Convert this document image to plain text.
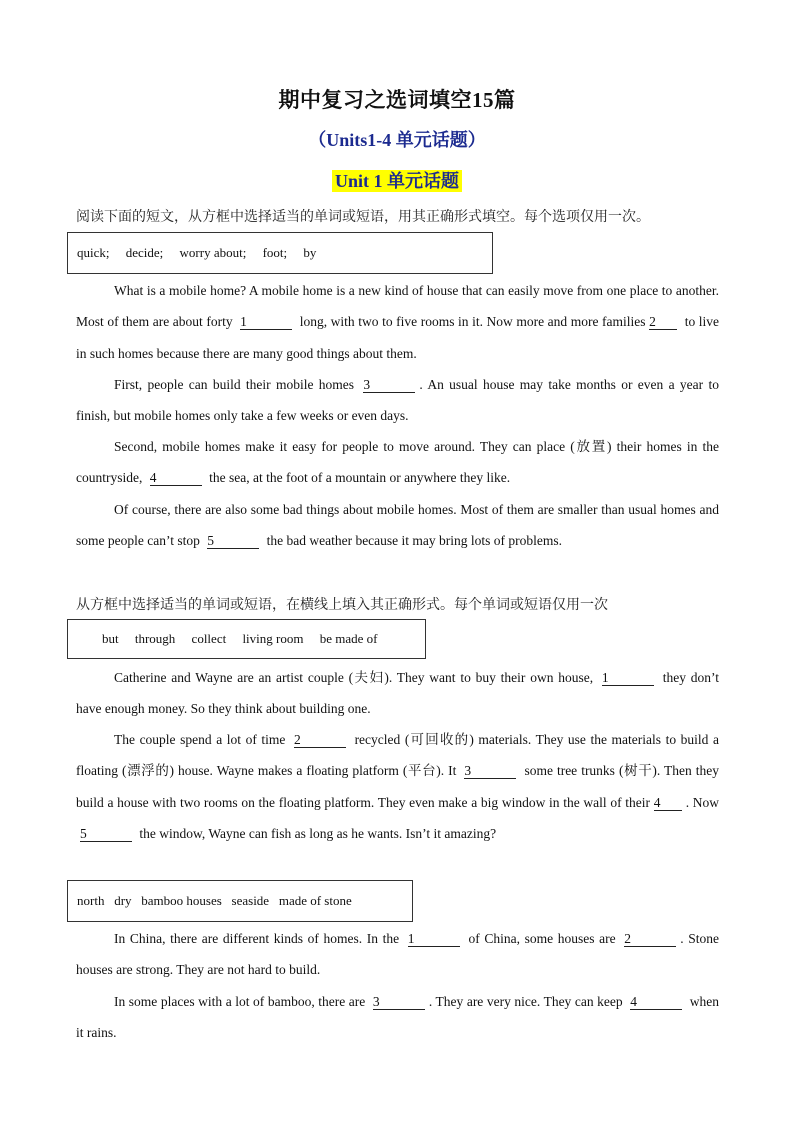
期中复习之选词填空15篇
（Units1-4 单元话题）
Unit 1 单元话题
阅读下面的短文，从方框中选择适当的单词或短语，用其正确形式填空。每个选项仅用一次。
quick;     decide;     worry about;     foot;     by
What is a mobile home? A mobile home is a new kind of house that can easily move from one place to another. Most of them are about forty 1	long, with two to five rooms in it. Now more and more families 2 to live in such homes because there are many good things about them.
First, people can build their mobile homes 3	. An usual house may take months or even a year to finish, but mobile homes only take a few weeks or even days.
Second, mobile homes make it easy for people to move around. They can place (放置) their homes in the countryside, 4	the sea, at the foot of a mountain or anywhere they like.
Of course, there are also some bad things about mobile homes. Most of them are smaller than usual homes and some people can’t stop 5	the bad weather because it may bring lots of problems.
从方框中选择适当的单词或短语，在横线上填入其正确形式。每个单词或短语仅用一次
but     through     collect     living room     be made of
Catherine and Wayne are an artist couple (夫妇). They want to buy their own house, 1	they don’t have enough money. So they think about building one.
The couple spend a lot of time 2	recycled (可回收的) materials. They use the materials to build a floating (漂浮的) house. Wayne makes a floating platform (平台). It 3	some tree trunks (树干). Then they build a house with two rooms on the floating platform. They even make a big window in the wall of their 4 . Now 5	the window, Wayne can fish as long as he wants. Isn’t it amazing?
north   dry   bamboo houses   seaside   made of stone
In China, there are different kinds of homes. In the 1	of China, some houses are 2	. Stone houses are strong. They are not hard to build.
In some places with a lot of bamboo, there are 3	. They are very nice. They can keep 4	when it rains.
